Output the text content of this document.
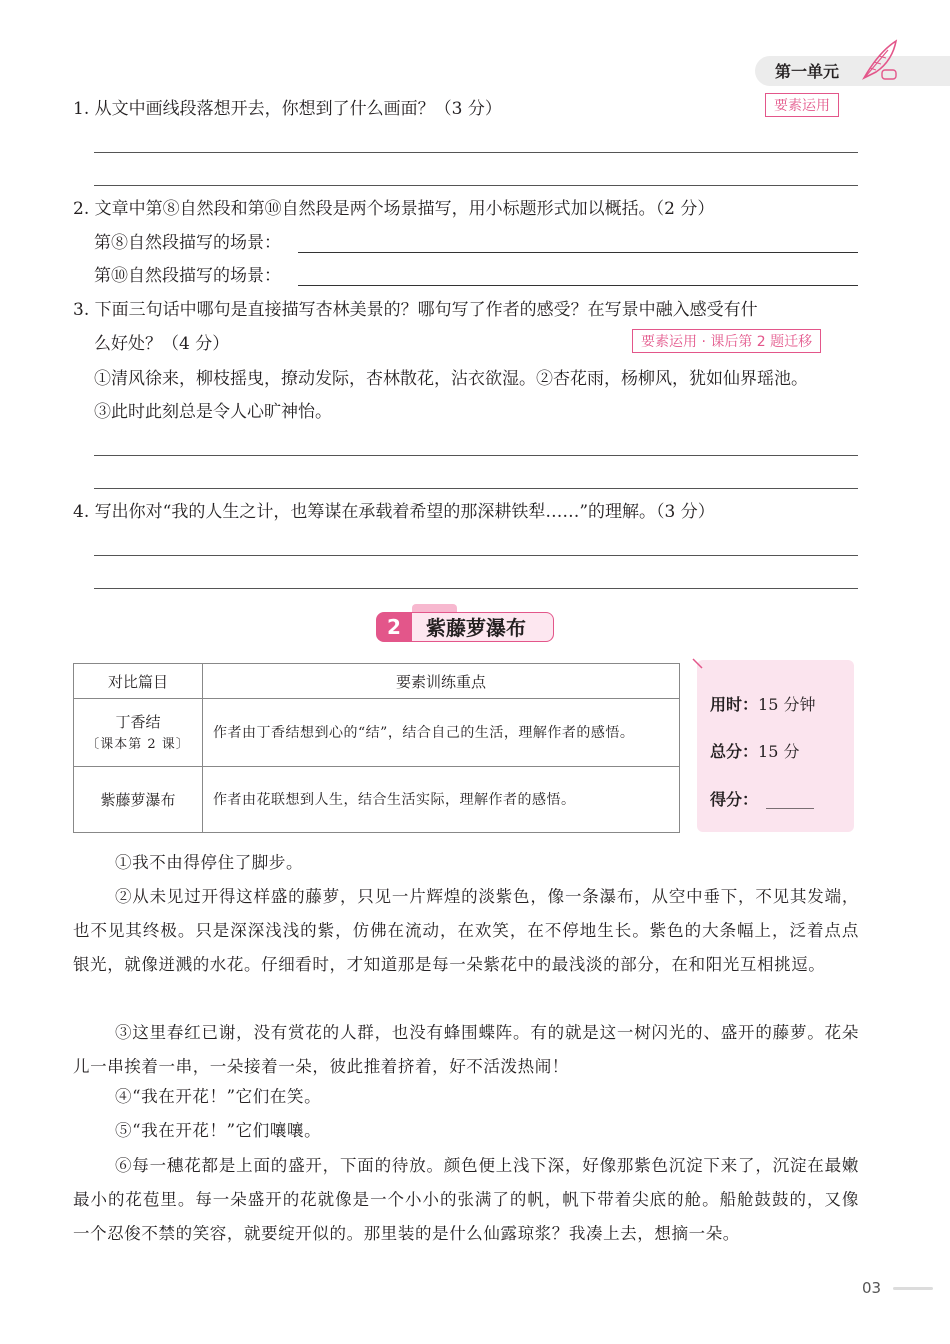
第一单元
要素运用
1. 从文中画线段落想开去，你想到了什么画面？（3 分）
2. 文章中第⑧自然段和第⑩自然段是两个场景描写，用小标题形式加以概括。（2 分）
第⑧自然段描写的场景：
第⑩自然段描写的场景：
3. 下面三句话中哪句是直接描写杏林美景的？哪句写了作者的感受？在写景中融入感受有什
么好处？（4 分）	要素运用 · 课后第 2 题迁移
①清风徐来，柳枝摇曳，撩动发际，杏林散花，沾衣欲湿。②杏花雨，杨柳风，犹如仙界瑶池。
③此时此刻总是令人心旷神怡。
4. 写出你对“我的人生之计，也筹谋在承载着希望的那深耕铁犁……”的理解。（3 分）
2	紫藤萝瀑布
对比篇目	要素训练重点

丁香结
〔课本第 2 课〕	作者由丁香结想到心的“结”，结合自己的生活，理解作者的感悟。

紫藤萝瀑布	作者由花联想到人生，结合生活实际，理解作者的感悟。
用时：15 分钟
总分：15 分
得分： ______
①我不由得停住了脚步。
②从未见过开得这样盛的藤萝，只见一片辉煌的淡紫色，像一条瀑布，从空中垂下，不见其发端，也不见其终极。只是深深浅浅的紫，仿佛在流动，在欢笑，在不停地生长。紫色的大条幅上，泛着点点银光，就像迸溅的水花。仔细看时，才知道那是每一朵紫花中的最浅淡的部分，在和阳光互相挑逗。
③这里春红已谢，没有赏花的人群，也没有蜂围蝶阵。有的就是这一树闪光的、盛开的藤萝。花朵儿一串挨着一串，一朵接着一朵，彼此推着挤着，好不活泼热闹！
④“我在开花！”它们在笑。
⑤“我在开花！”它们嚷嚷。
⑥每一穗花都是上面的盛开，下面的待放。颜色便上浅下深，好像那紫色沉淀下来了，沉淀在最嫩最小的花苞里。每一朵盛开的花就像是一个小小的张满了的帆，帆下带着尖底的舱。船舱鼓鼓的，又像一个忍俊不禁的笑容，就要绽开似的。那里装的是什么仙露琼浆？我凑上去，想摘一朵。
03
